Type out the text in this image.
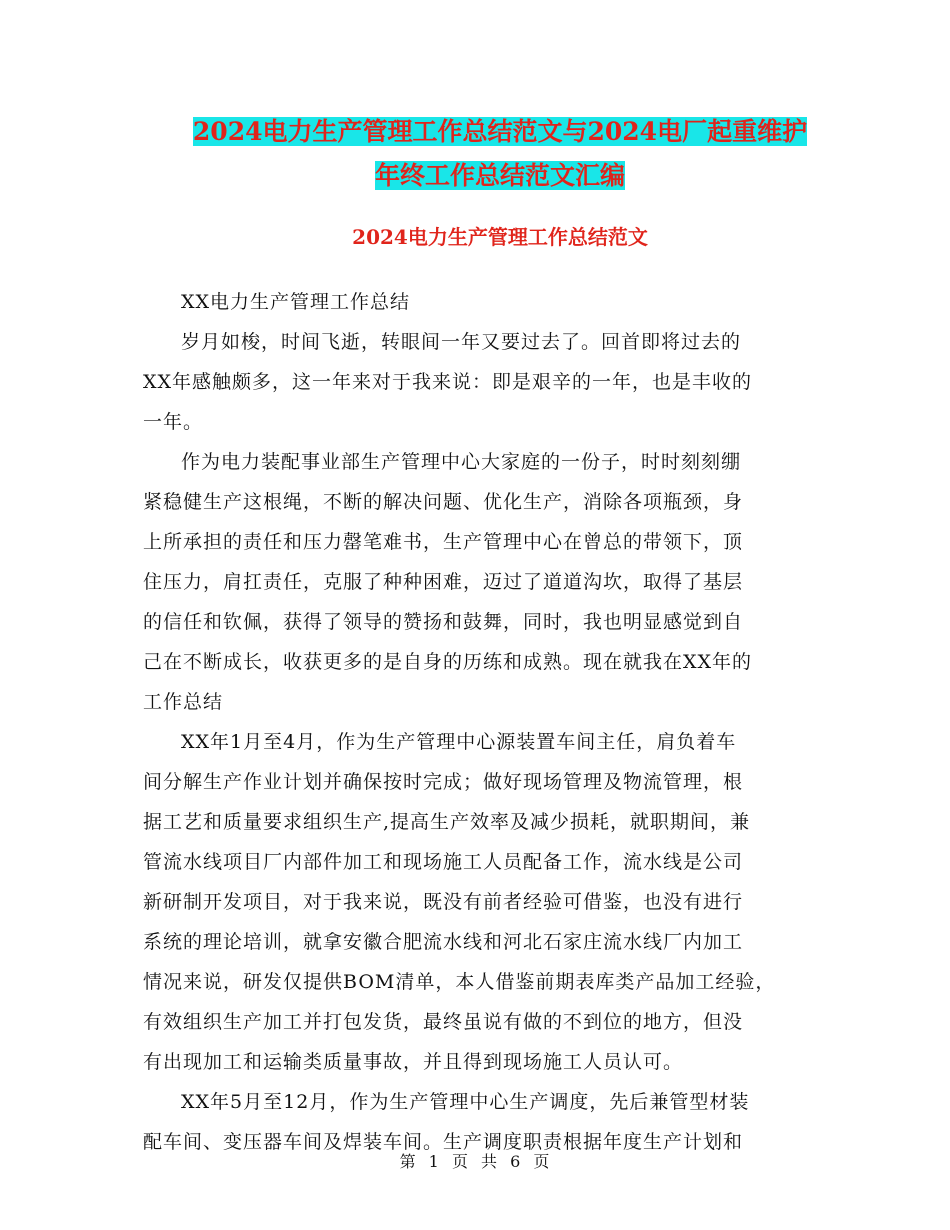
2024电力生产管理工作总结范文与2024电厂起重维护
年终工作总结范文汇编
2024电力生产管理工作总结范文

XX电力生产管理工作总结

岁月如梭，时间飞逝，转眼间一年又要过去了。回首即将过去的
XX年感触颇多，这一年来对于我来说：即是艰辛的一年，也是丰收的
一年。

作为电力装配事业部生产管理中心大家庭的一份子，时时刻刻绷
紧稳健生产这根绳，不断的解决问题、优化生产，消除各项瓶颈，身
上所承担的责任和压力罄笔难书，生产管理中心在曾总的带领下，顶
住压力，肩扛责任，克服了种种困难，迈过了道道沟坎，取得了基层
的信任和钦佩，获得了领导的赞扬和鼓舞，同时，我也明显感觉到自
己在不断成长，收获更多的是自身的历练和成熟。现在就我在XX年的
工作总结

XX年1月至4月，作为生产管理中心源装置车间主任，肩负着车
间分解生产作业计划并确保按时完成；做好现场管理及物流管理，根
据工艺和质量要求组织生产,提高生产效率及减少损耗，就职期间，兼
管流水线项目厂内部件加工和现场施工人员配备工作，流水线是公司
新研制开发项目，对于我来说，既没有前者经验可借鉴，也没有进行
系统的理论培训，就拿安徽合肥流水线和河北石家庄流水线厂内加工
情况来说，研发仅提供BOM清单，本人借鉴前期表库类产品加工经验，
有效组织生产加工并打包发货，最终虽说有做的不到位的地方，但没
有出现加工和运输类质量事故，并且得到现场施工人员认可。

XX年5月至12月，作为生产管理中心生产调度，先后兼管型材装
配车间、变压器车间及焊装车间。生产调度职责根据年度生产计划和

第 1 页 共 6 页
